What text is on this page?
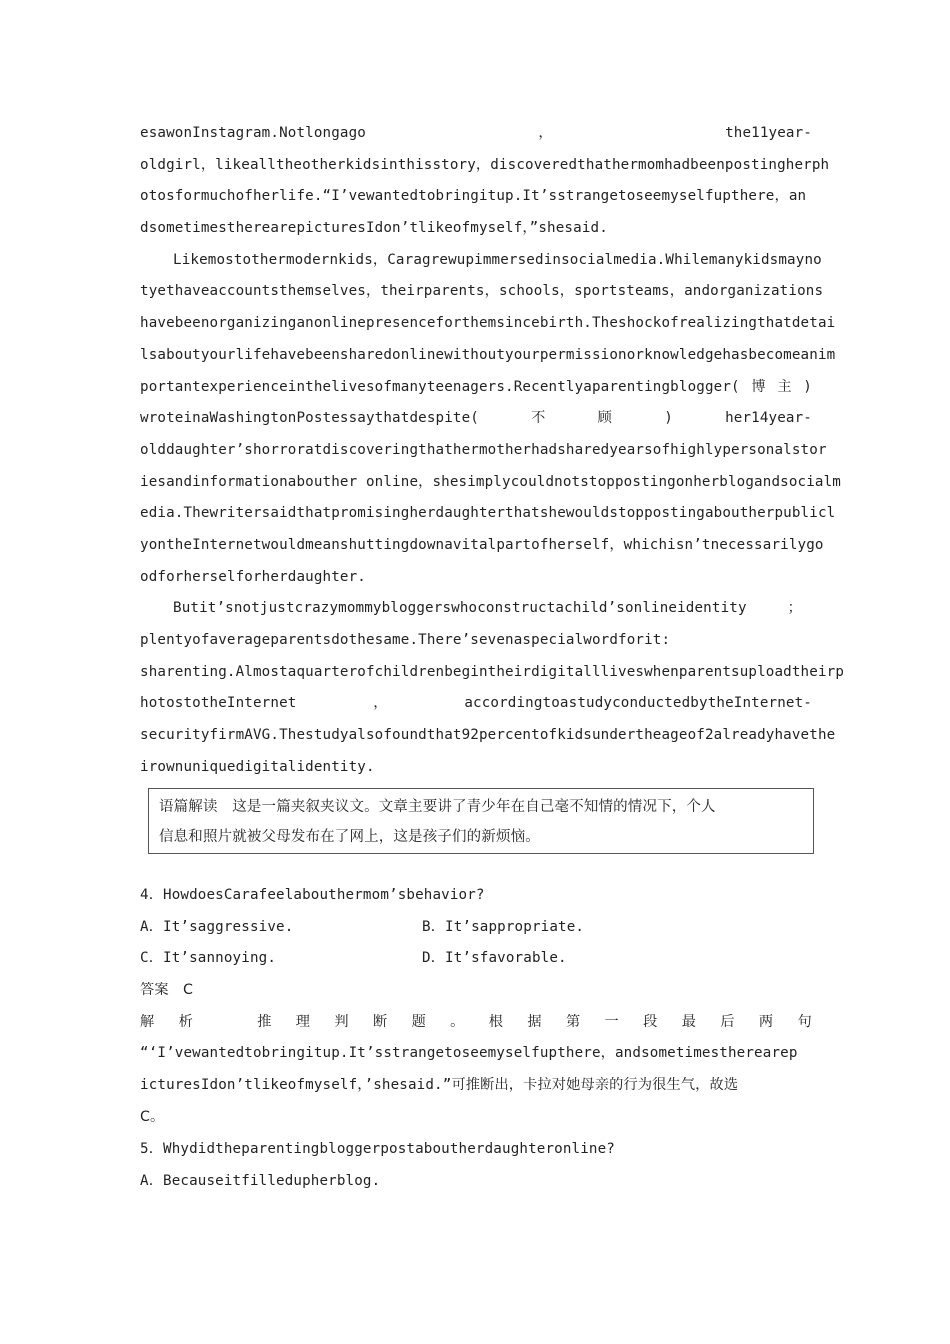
esawonInstagram.Notlongago	，	the11year-
oldgirl，likealltheotherkidsinthisstory，discoveredthathermomhadbeenpostingherph
otosformuchofherlife.“I’vewantedtobringitup.It’sstrangetoseemyselfupthere，an
dsometimestherearepicturesIdon’tlikeofmyself，”shesaid.
Likemostothermodernkids，Caragrewupimmersedinsocialmedia.Whilemanykidsmayno
tyethaveaccountsthemselves，theirparents，schools，sportsteams，andorganizations
havebeenorganizinganonlinepresenceforthemsincebirth.Theshockofrealizingthatdetai
lsaboutyourlifehavebeensharedonlinewithoutyourpermissionorknowledgehasbecomeanim
portantexperienceinthelivesofmanyteenagers.Recentlyaparentingblogger( 博 主 )
wroteinaWashingtonPostessaythatdespite(	不	顾	)	her14year-
olddaughter’shorroratdiscoveringthathermotherhadsharedyearsofhighlypersonalstor
iesandinformationabouther online，shesimplycouldnotstoppostingonherblogandsocialm
edia.Thewritersaidthatpromisingherdaughterthatshewouldstoppostingaboutherpublicl
yontheInternetwouldmeanshuttingdownavitalpartofherself，whichisn’tnecessarilygo
odforherselforherdaughter.
Butit’snotjustcrazymommybloggerswhoconstructachild’sonlineidentity	；
plentyofaverageparentsdothesame.There’sevenaspecialwordforit:
sharenting.Almostaquarterofchildrenbegintheirdigitallliveswhenparentsuploadtheirp
hotostotheInternet	，	accordingtoastudyconductedbytheInternet-
securityfirmAVG.Thestudyalsofoundthat92percentofkidsundertheageof2alreadyhavethe
irownuniquedigitalidentity.
语篇解读　这是一篇夹叙夹议文。文章主要讲了青少年在自己毫不知情的情况下，个人
信息和照片就被父母发布在了网上，这是孩子们的新烦恼。
4．HowdoesCarafeelabouthermom’sbehavior?
A．It’saggressive.	B．It’sappropriate.
C．It’sannoying.	D．It’sfavorable.
答案　C
解 析	推 理 判 断 题 。 根 据 第 一 段 最 后 两 句
“‘I’vewantedtobringitup.It’sstrangetoseemyselfupthere，andsometimestherearep
icturesIdon’tlikeofmyself，’shesaid.”可推断出，卡拉对她母亲的行为很生气，故选
C。
5．Whydidtheparentingbloggerpostaboutherdaughteronline?
A．Becauseitfilledupherblog.
